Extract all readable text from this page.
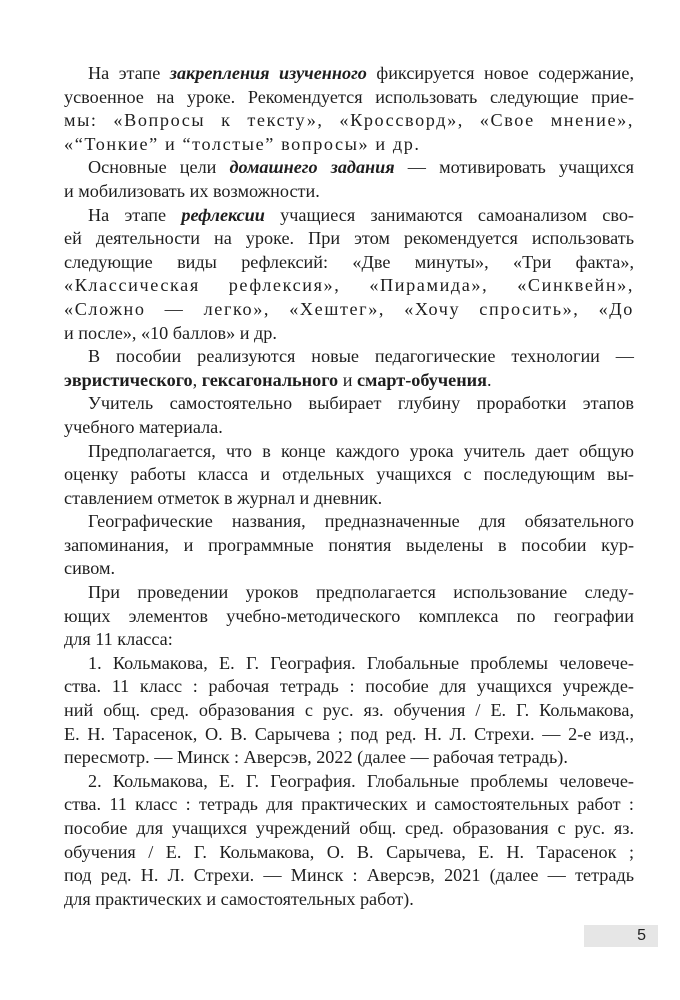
На этапе закрепления изученного фиксируется новое содержание,
усвоенное на уроке. Рекомендуется использовать следующие прие-
мы: «Вопросы к тексту», «Кроссворд», «Свое мнение»,
«“Тонкие” и “толстые” вопросы» и др.

Основные цели домашнего задания — мотивировать учащихся
и мобилизовать их возможности.

На этапе рефлексии учащиеся занимаются самоанализом сво-
ей деятельности на уроке. При этом рекомендуется использовать
следующие виды рефлексий: «Две минуты», «Три факта»,
«Классическая рефлексия», «Пирамида», «Синквейн»,
«Сложно — легко», «Хештег», «Хочу спросить», «До
и после», «10 баллов» и др.

В пособии реализуются новые педагогические технологии —
эвристического, гексагонального и смарт-обучения.

Учитель самостоятельно выбирает глубину проработки этапов
учебного материала.

Предполагается, что в конце каждого урока учитель дает общую
оценку работы класса и отдельных учащихся с последующим вы-
ставлением отметок в журнал и дневник.

Географические названия, предназначенные для обязательного
запоминания, и программные понятия выделены в пособии кур-
сивом.

При проведении уроков предполагается использование следу-
ющих элементов учебно-методического комплекса по географии
для 11 класса:

1. Кольмакова, Е. Г. География. Глобальные проблемы человече-
ства. 11 класс : рабочая тетрадь : пособие для учащихся учрежде-
ний общ. сред. образования с рус. яз. обучения / Е. Г. Кольмакова,
Е. Н. Тарасенок, О. В. Сарычева ; под ред. Н. Л. Стрехи. — 2-е изд.,
пересмотр. — Минск : Аверсэв, 2022 (далее — рабочая тетрадь).

2. Кольмакова, Е. Г. География. Глобальные проблемы человече-
ства. 11 класс : тетрадь для практических и самостоятельных работ :
пособие для учащихся учреждений общ. сред. образования с рус. яз.
обучения / Е. Г. Кольмакова, О. В. Сарычева, Е. Н. Тарасенок ;
под ред. Н. Л. Стрехи. — Минск : Аверсэв, 2021 (далее — тетрадь
для практических и самостоятельных работ).

5
